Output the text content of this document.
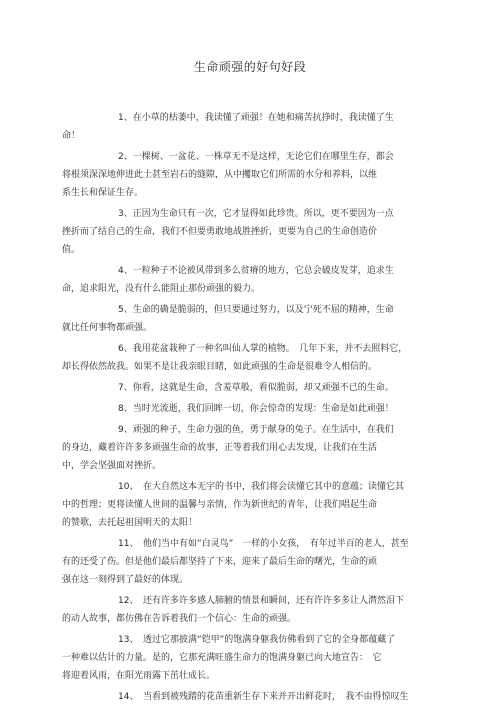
生命顽强的好句好段
1、在小草的枯萎中，我读懂了顽强！在她和痛苦抗挣时，我读懂了生
命！
2、一棵树、一盆花、一株草无不是这样，无论它们在哪里生存，都会
将根须深深地伸进此土甚至岩石的缝隙，从中攫取它们所需的水分和养料，以维
系生长和保证生存。
3、正因为生命只有一次，它才显得如此珍贵。所以，更不要因为一点
挫折而了结自己的生命，我们不但要勇敢地战胜挫折，更要为自己的生命创造价
值。
4、一粒种子不论被风带到多么贫瘠的地方，它总会破皮发芽，追求生
命，追求阳光，没有什么能阻止那份顽强的毅力。
5、生命的确是脆弱的，但只要通过努力，以及宁死不屈的精神，生命
就比任何事物都顽强。
6、我用花盆栽种了一种名叫仙人掌的植物。　几年下来，并不去照料它，
却长得依然故我。如果不是让我亲眼目睹，如此顽强的生命是很难令人相信的。
7、你看，这就是生命，含羞草般，看似脆弱，却又顽强不已的生命。
8、当时光流逝，我们回眸一切，你会惊奇的发现：生命是如此顽强！
9、顽强的种子，生命力强的鱼，勇于献身的兔子。在生活中，在我们
的身边，藏着许许多多顽强生命的故事，正等着我们用心去发现，让我们在生活
中，学会坚强面对挫折。
10、　在大自然这本无字的书中，我们将会读懂它其中的意蕴；读懂它其
中的哲理；更将读懂人世间的温馨与亲情，作为新世纪的青年，让我们唱起生命
的赞歌，去托起祖国明天的太阳！
11、　他们当中有如“白灵鸟”　一样的小女孩，　有年过半百的老人，甚至
有的还受了伤。但是他们最后都坚持了下来，迎来了最后生命的曙光，生命的顽
强在这一刻得到了最好的体现。
12、　还有许多许多感人肺腑的情景和瞬间，还有许许多多让人潸然泪下
的动人故事，都仿佛在告诉着我们一个信心：生命的顽强。
13、　透过它那披满“铠甲”的饱满身躯我仿佛看到了它的全身都蕴藏了
一种难以估计的力量。是的，它那充满旺盛生命力的饱满身躯已向大地宣告：　它
将迎着风雨，在阳光雨露下茁壮成长。
14、　当看到被残踏的花苗重新生存下来并开出鲜花时，　我不由得惊叹生
